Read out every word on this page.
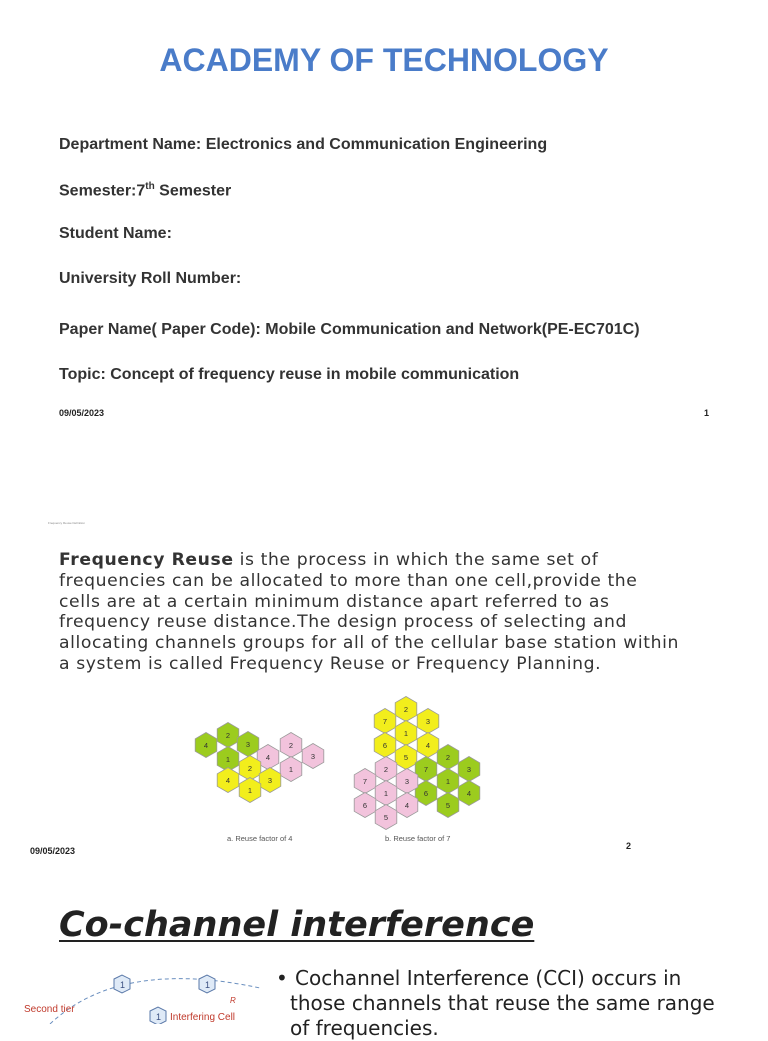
ACADEMY OF TECHNOLOGY
Department Name: Electronics and Communication Engineering
Semester:7th Semester
Student Name:
University Roll Number:
Paper Name( Paper Code): Mobile Communication and Network(PE-EC701C)
Topic: Concept of frequency reuse in mobile communication
09/05/2023	1
Frequency Reuse Definition
Frequency Reuse is the process in which the same set of
frequencies can be allocated to more than one cell,provide the
cells are at a certain minimum distance apart referred to as
frequency reuse distance.The design process of selecting and
allocating channels groups for all of the cellular base station within
a system is called Frequency Reuse or Frequency Planning.
2
4	3
1	4
2
3
1
2
4	3
1
2
7	3
1
6	4
5	2
7	3
1
6	4
5
2
7	3
1
6	4
5
a. Reuse factor of 4	b. Reuse factor of 7
09/05/2023	2
Co-channel interference
1	1
1
Second tier
Interfering Cell
R
• Cochannel Interference (CCI) occurs in
those channels that reuse the same range
of frequencies.
